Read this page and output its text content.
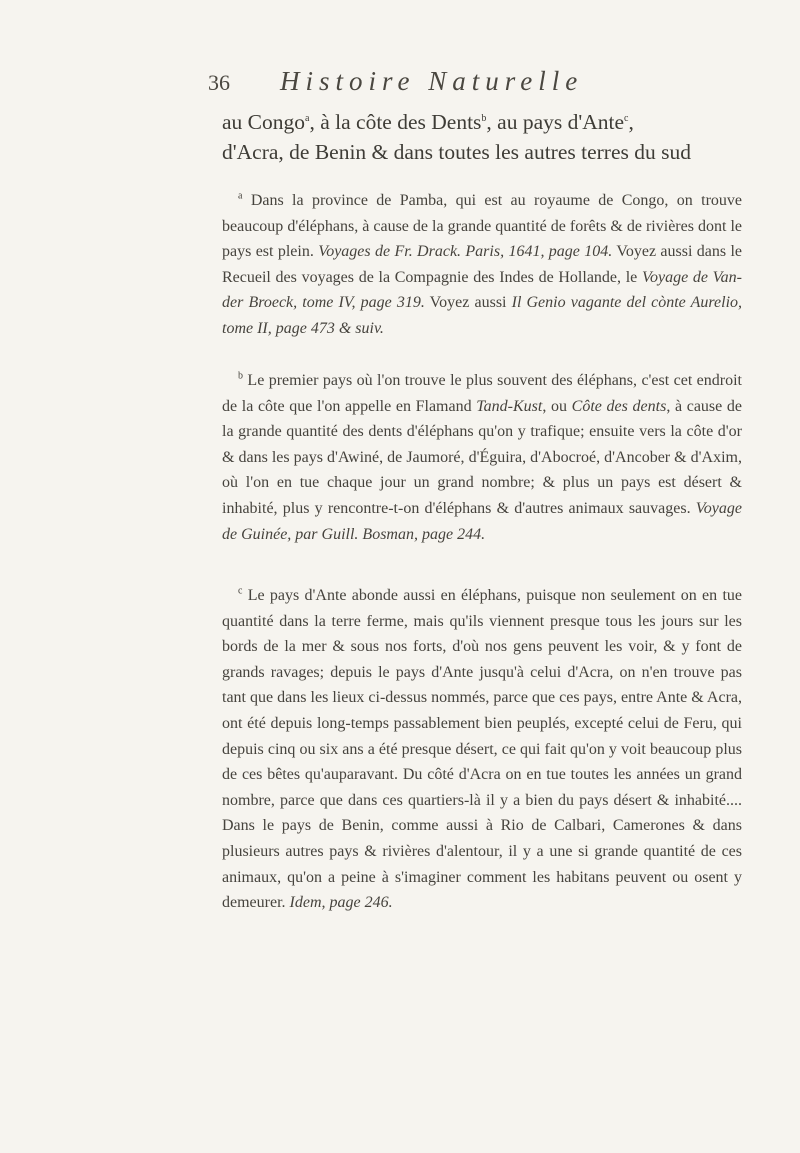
36 Histoire Naturelle
au Congo$^a$, à la côte des Dents$^b$, au pays d'Ante$^c$,
d'Acra, de Benin & dans toutes les autres terres du sud

$^a$ Dans la province de Pamba, qui est au royaume de Congo, on trouve beaucoup d'éléphans, à cause de la grande quantité de forêts & de rivières dont le pays est plein. Voyages de Fr. Drack. Paris, 1641, page 104. Voyez aussi dans le Recueil des voyages de la Compagnie des Indes de Hollande, le Voyage de Van-der Broeck, tome IV, page 319. Voyez aussi Il Genio vagante del cònte Aurelio, tome II, page 473 & suiv.

$^b$ Le premier pays où l'on trouve le plus souvent des éléphans, c'est cet endroit de la côte que l'on appelle en Flamand Tand-Kust, ou Côte des dents, à cause de la grande quantité des dents d'éléphans qu'on y trafique; ensuite vers la côte d'or & dans les pays d'Awiné, de Jaumoré, d'Éguira, d'Abocroé, d'Ancober & d'Axim, où l'on en tue chaque jour un grand nombre; & plus un pays est désert & inhabité, plus y rencontre-t-on d'éléphans & d'autres animaux sauvages. Voyage de Guinée, par Guill. Bosman, page 244.

$^c$ Le pays d'Ante abonde aussi en éléphans, puisque non seulement on en tue quantité dans la terre ferme, mais qu'ils viennent presque tous les jours sur les bords de la mer & sous nos forts, d'où nos gens peuvent les voir, & y font de grands ravages; depuis le pays d'Ante jusqu'à celui d'Acra, on n'en trouve pas tant que dans les lieux ci-dessus nommés, parce que ces pays, entre Ante & Acra, ont été depuis long-temps passablement bien peuplés, excepté celui de Feru, qui depuis cinq ou six ans a été presque désert, ce qui fait qu'on y voit beaucoup plus de ces bêtes qu'auparavant. Du côté d'Acra on en tue toutes les années un grand nombre, parce que dans ces quartiers-là il y a bien du pays désert & inhabité.... Dans le pays de Benin, comme aussi à Rio de Calbari, Camerones & dans plusieurs autres pays & rivières d'alentour, il y a une si grande quantité de ces animaux, qu'on a peine à s'imaginer comment les habitans peuvent ou osent y demeurer. Idem, page 246.
